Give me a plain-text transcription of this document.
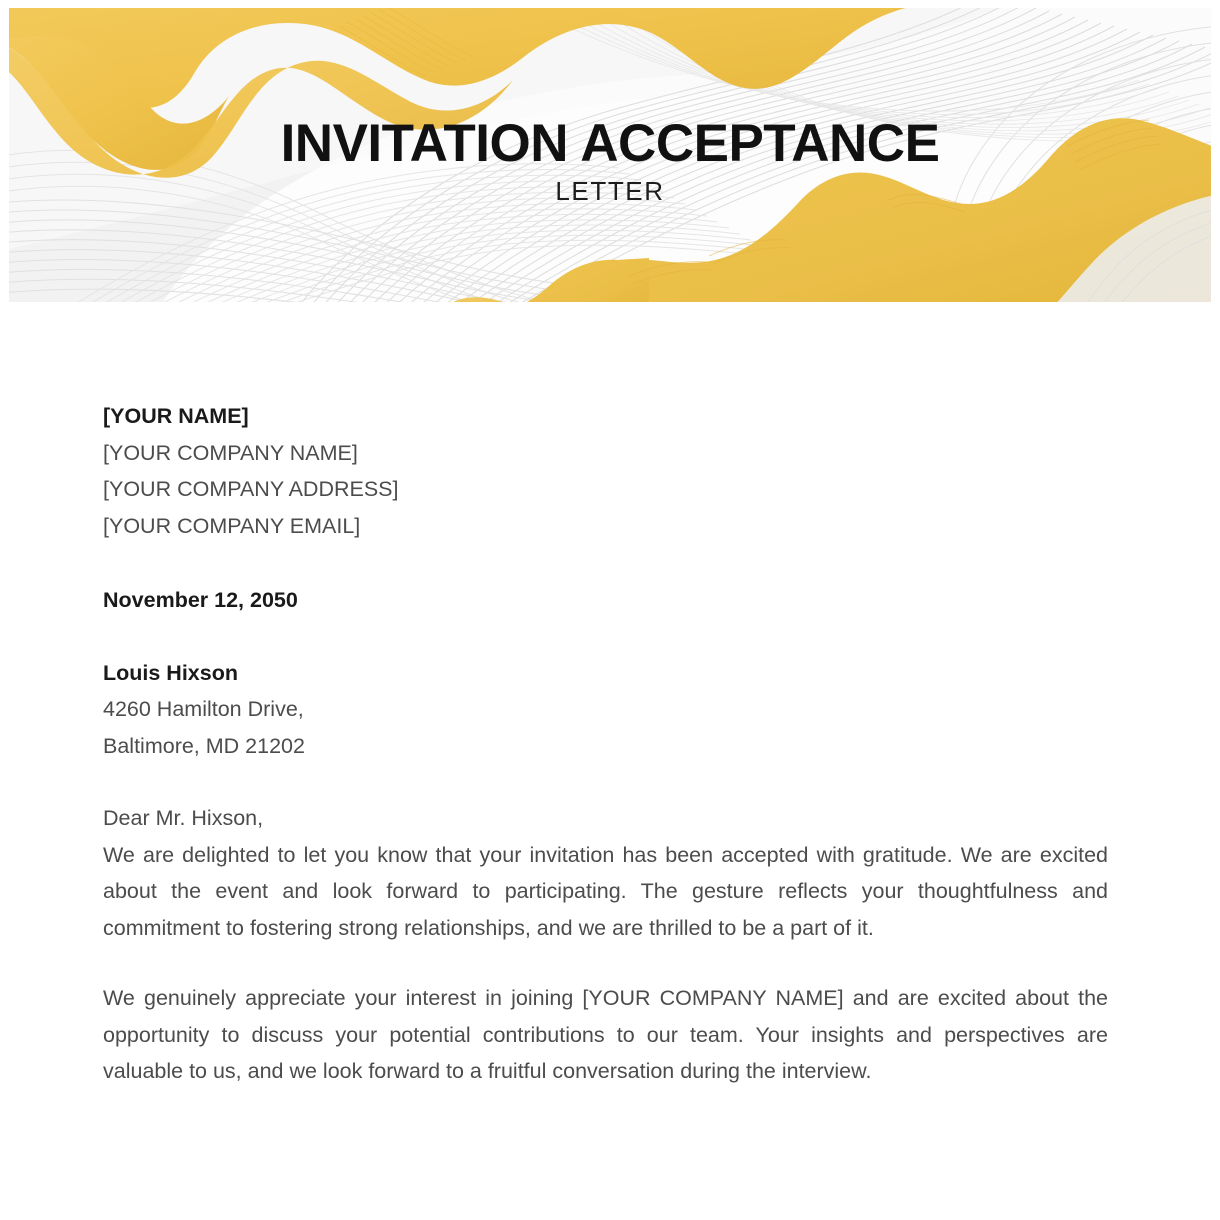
INVITATION ACCEPTANCE
LETTER
[YOUR NAME]
[YOUR COMPANY NAME]
[YOUR COMPANY ADDRESS]
[YOUR COMPANY EMAIL]
November 12, 2050
Louis Hixson
4260 Hamilton Drive,
Baltimore, MD 21202
Dear Mr. Hixson,

We are delighted to let you know that your invitation has been accepted with gratitude. We are excited about the event and look forward to participating. The gesture reflects your thoughtfulness and commitment to fostering strong relationships, and we are thrilled to be a part of it.

We genuinely appreciate your interest in joining [YOUR COMPANY NAME] and are excited about the opportunity to discuss your potential contributions to our team. Your insights and perspectives are valuable to us, and we look forward to a fruitful conversation during the interview.
